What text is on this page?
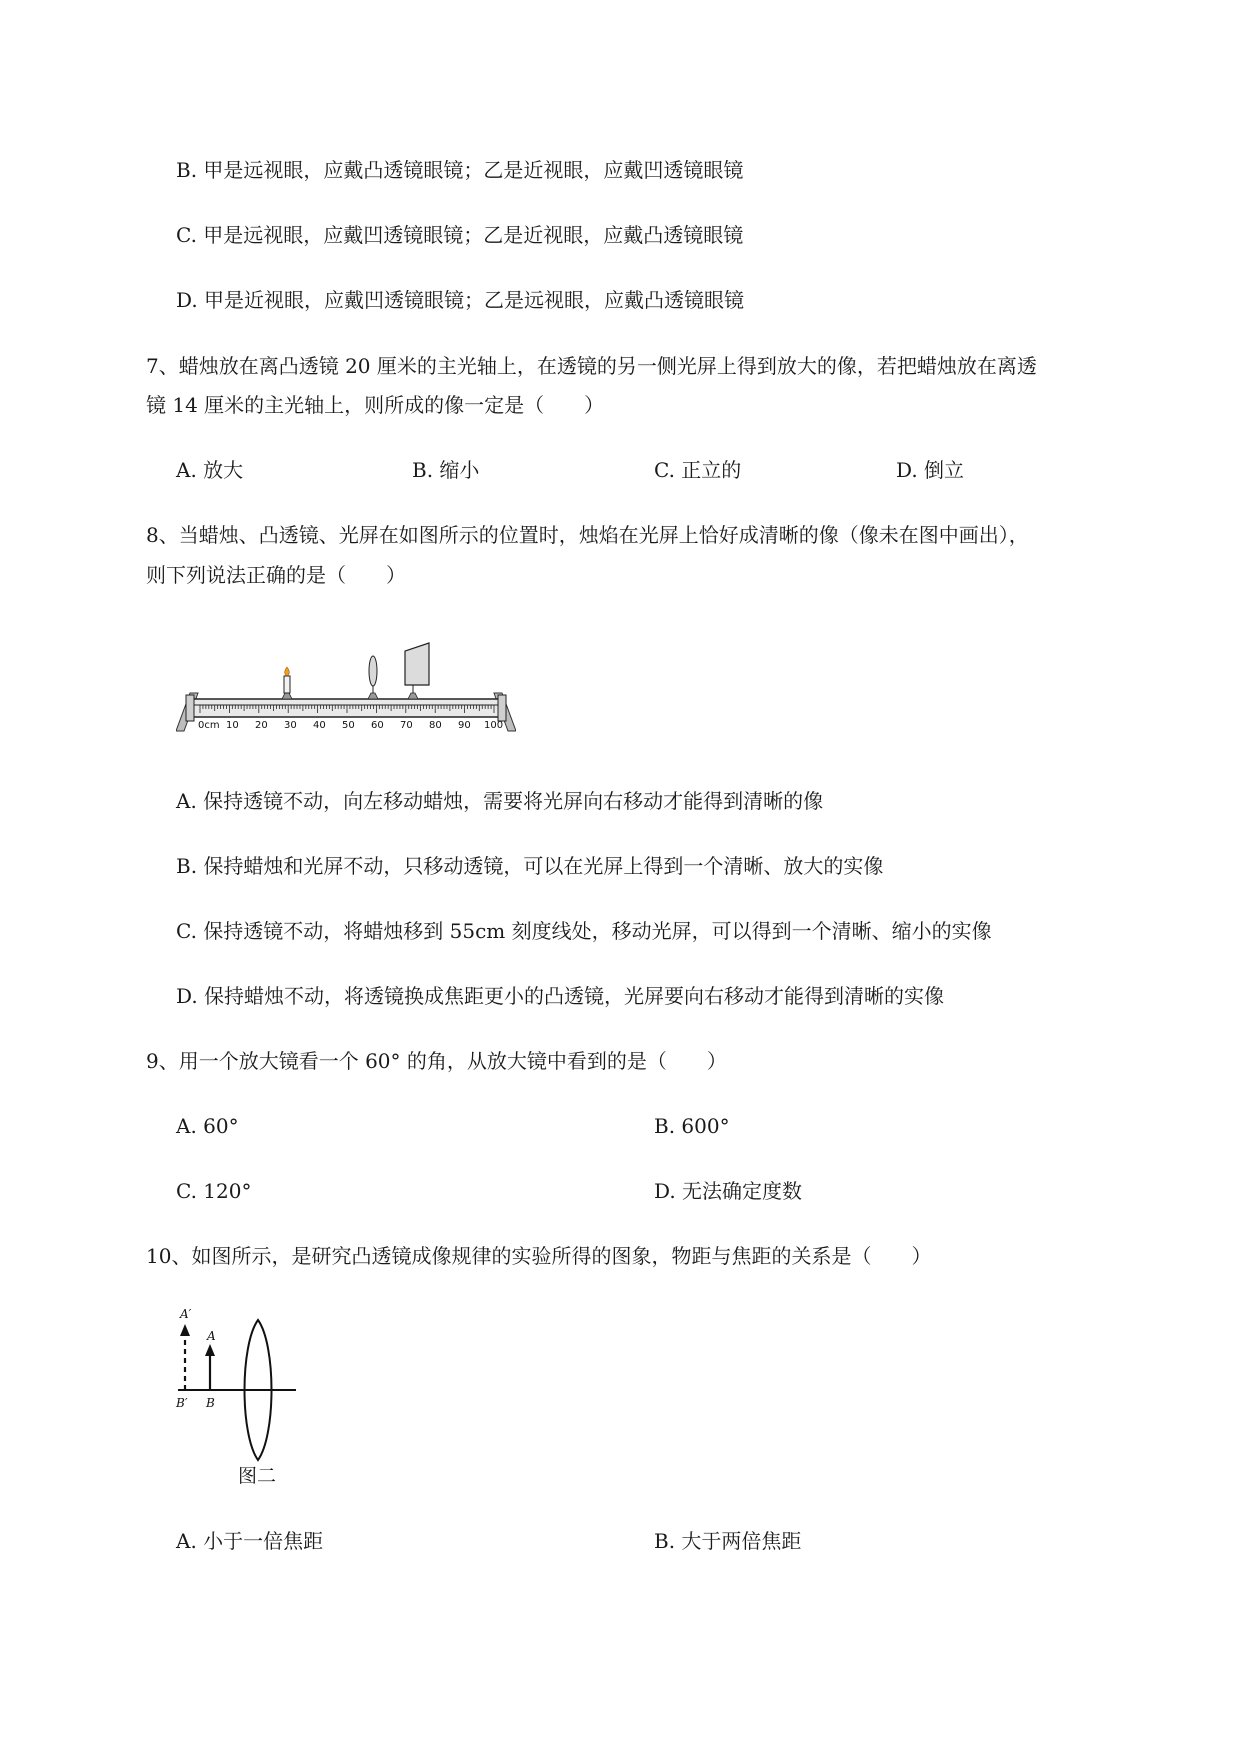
B. 甲是远视眼，应戴凸透镜眼镜；乙是近视眼，应戴凹透镜眼镜
C. 甲是远视眼，应戴凹透镜眼镜；乙是近视眼，应戴凸透镜眼镜
D. 甲是近视眼，应戴凹透镜眼镜；乙是远视眼，应戴凸透镜眼镜
7、蜡烛放在离凸透镜 20 厘米的主光轴上，在透镜的另一侧光屏上得到放大的像，若把蜡烛放在离透
镜 14 厘米的主光轴上，则所成的像一定是（　　）
A. 放大	B. 缩小	C. 正立的	D. 倒立
8、当蜡烛、凸透镜、光屏在如图所示的位置时，烛焰在光屏上恰好成清晰的像（像未在图中画出），
则下列说法正确的是（　　）
0cm 10 20 30 40 50 60 70 80 90 100
A. 保持透镜不动，向左移动蜡烛，需要将光屏向右移动才能得到清晰的像
B. 保持蜡烛和光屏不动，只移动透镜，可以在光屏上得到一个清晰、放大的实像
C. 保持透镜不动，将蜡烛移到 55cm 刻度线处，移动光屏，可以得到一个清晰、缩小的实像
D. 保持蜡烛不动，将透镜换成焦距更小的凸透镜，光屏要向右移动才能得到清晰的实像
9、用一个放大镜看一个 60° 的角，从放大镜中看到的是（　　）
A. 60°	B. 600°
C. 120°	D. 无法确定度数
10、如图所示，是研究凸透镜成像规律的实验所得的图象，物距与焦距的关系是（　　）
A′
A
B′ B
图二
A. 小于一倍焦距	B. 大于两倍焦距
